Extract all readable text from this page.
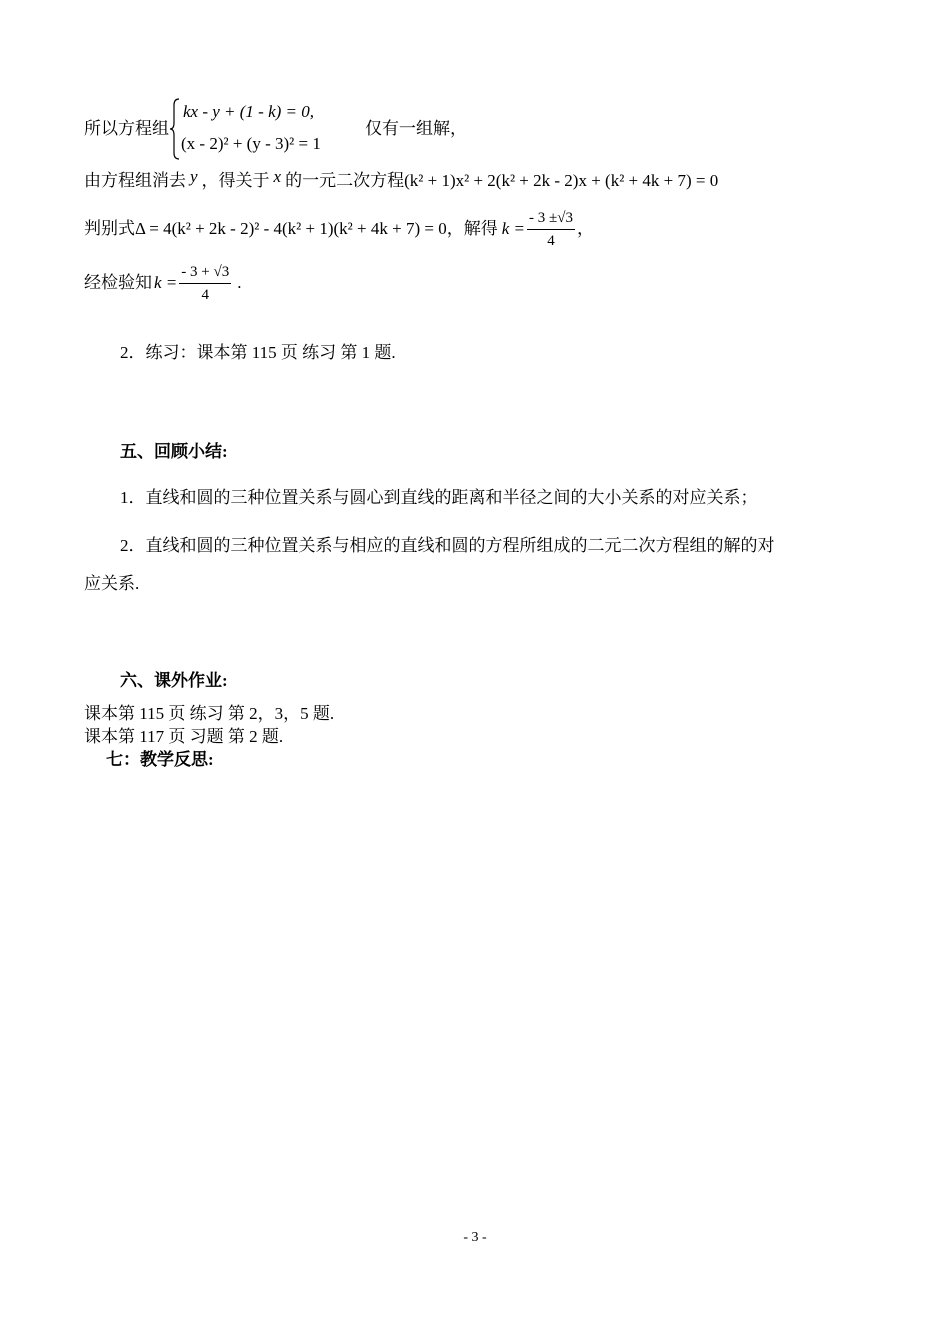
所以方程组
kx - y + (1 - k) = 0,
(x - 2)² + (y - 3)² = 1
仅有一组解，
由方程组消去 y ，得关于 x 的一元二次方程(k² + 1)x² + 2(k² + 2k - 2)x + (k² + 4k + 7) = 0
判别式Δ = 4(k² + 2k - 2)² - 4(k² + 1)(k² + 4k + 7) = 0，解得 $k = \frac{- 3 \pm√3}{4}$ ，
经检验知 $k = \frac{- 3 + √3}{4}$ .
2．练习：课本第 115 页 练习 第 1 题.
五、回顾小结:
1．直线和圆的三种位置关系与圆心到直线的距离和半径之间的大小关系的对应关系；
2．直线和圆的三种位置关系与相应的直线和圆的方程所组成的二元二次方程组的解的对
应关系.
六、课外作业:
课本第 115 页 练习 第 2，3，5 题.
课本第 117 页 习题 第 2 题.
七：教学反思:
- 3 -
